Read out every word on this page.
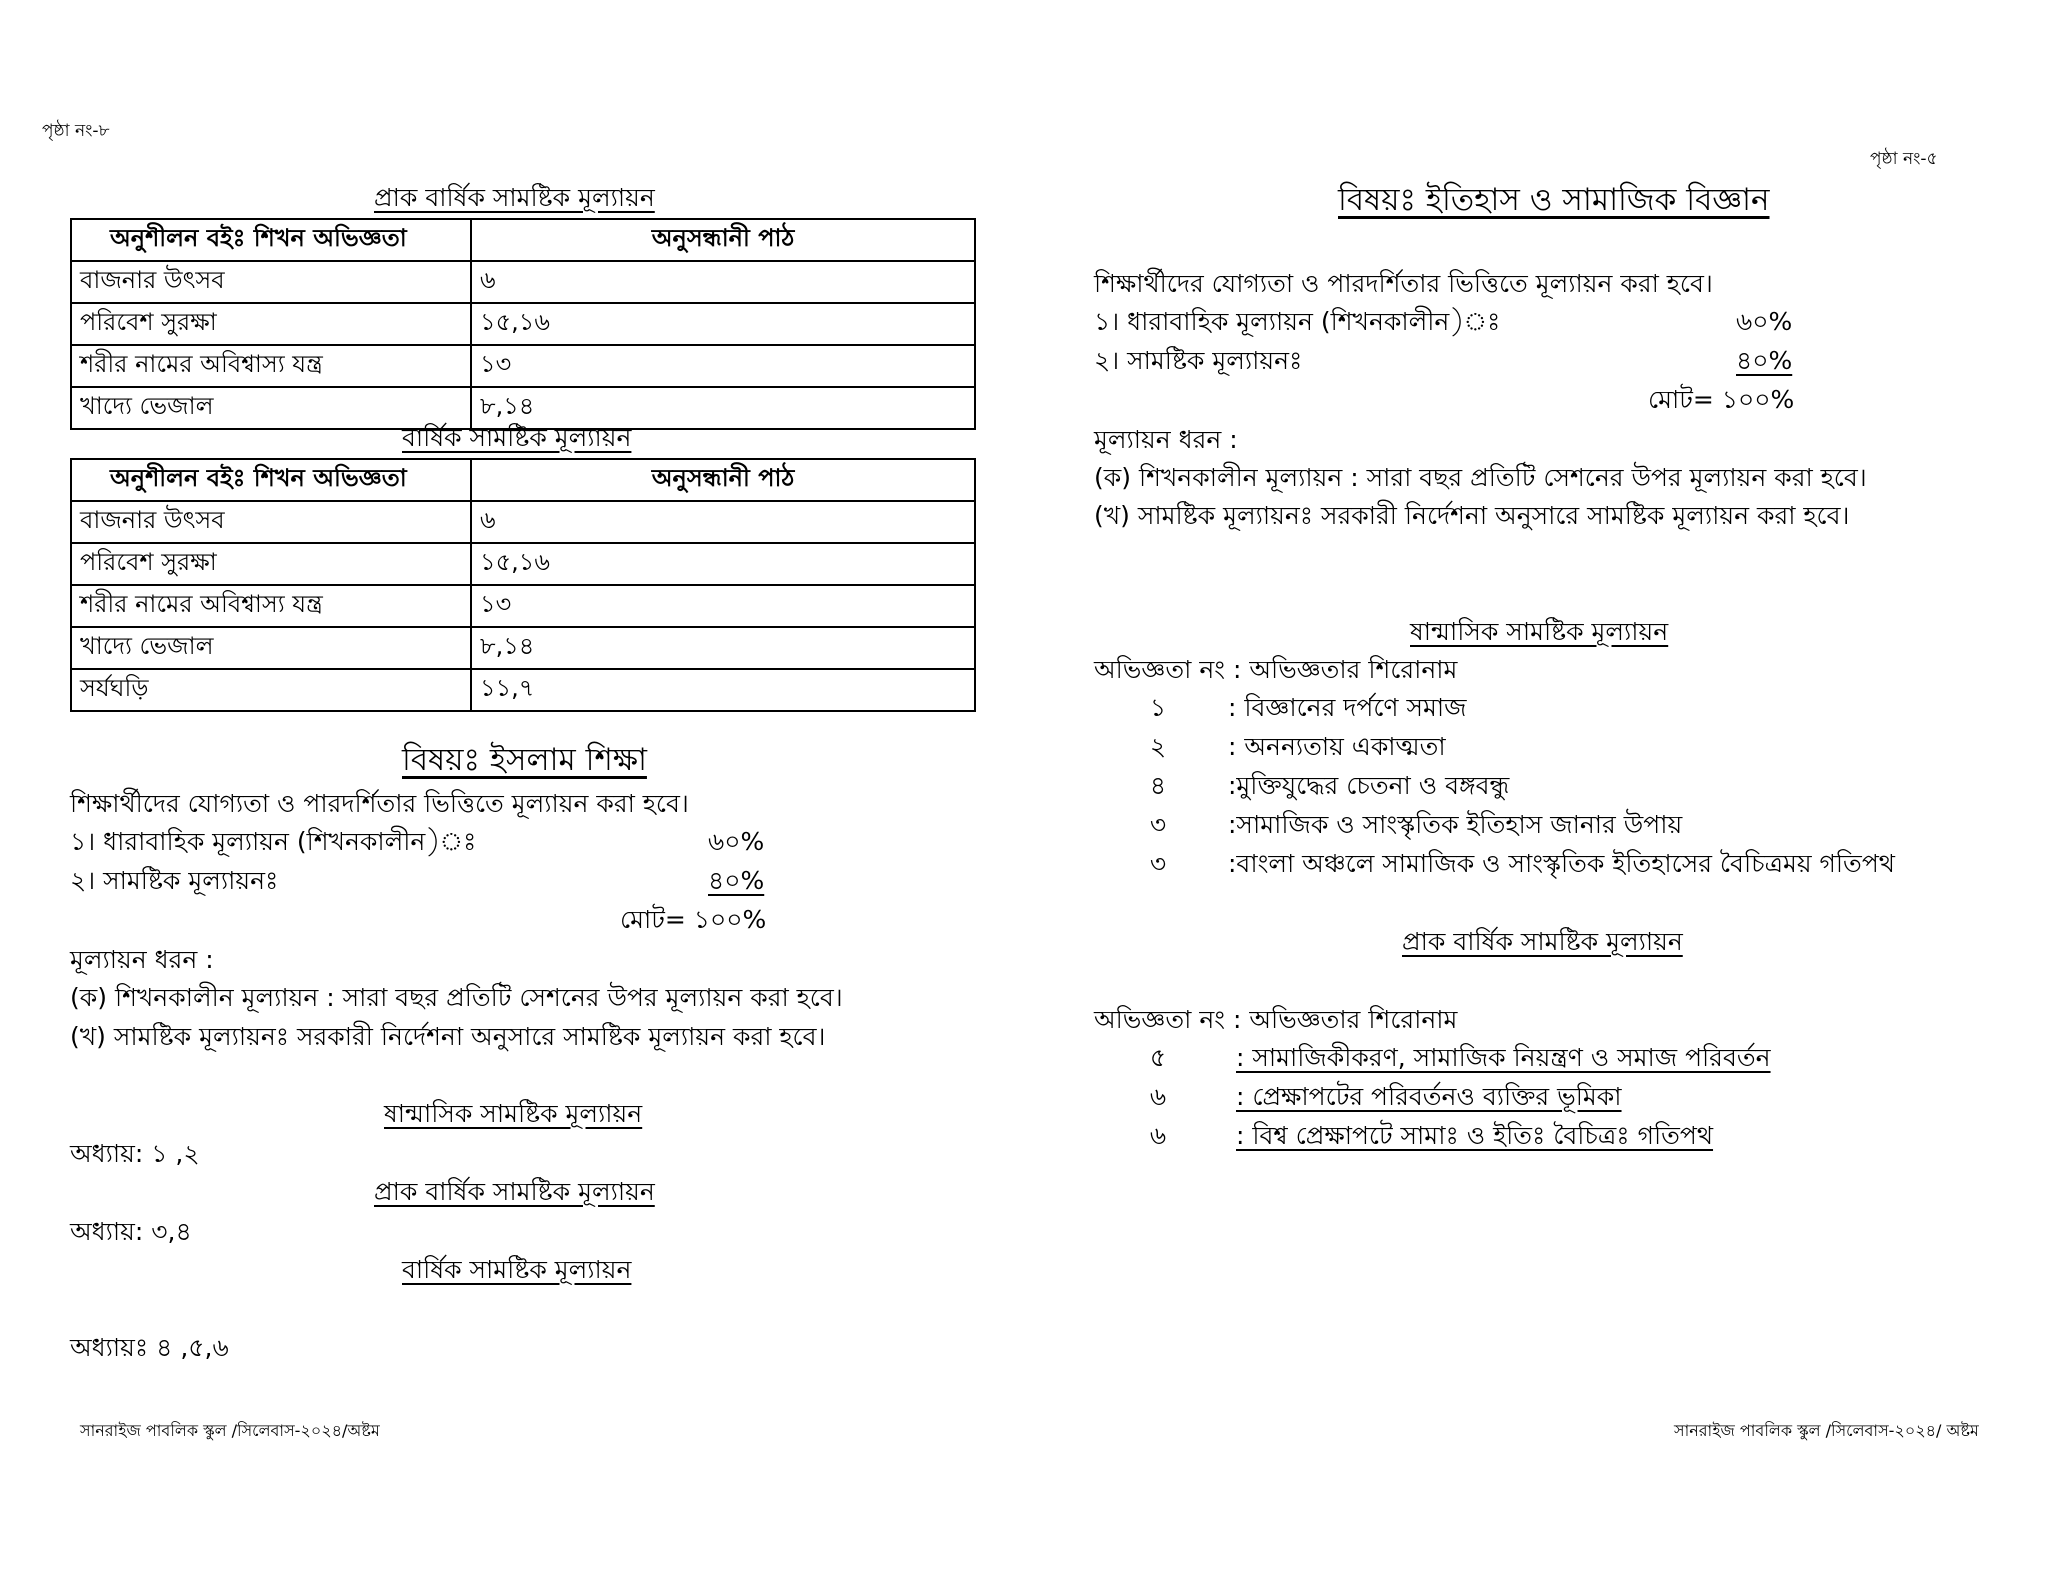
পৃষ্ঠা নং-৮
প্রাক বার্ষিক সামষ্টিক মূল্যায়ন
অনুশীলন বইঃ শিখন অভিজ্ঞতা	অনুসন্ধানী পাঠ
বাজনার উৎসব	৬
পরিবেশ সুরক্ষা	১৫,১৬
শরীর নামের অবিশ্বাস্য যন্ত্র	১৩
খাদ্যে ভেজাল	৮,১৪
বার্ষিক সামষ্টিক মূল্যায়ন
অনুশীলন বইঃ শিখন অভিজ্ঞতা	অনুসন্ধানী পাঠ
বাজনার উৎসব	৬
পরিবেশ সুরক্ষা	১৫,১৬
শরীর নামের অবিশ্বাস্য যন্ত্র	১৩
খাদ্যে ভেজাল	৮,১৪
সর্যঘড়ি	১১,৭
বিষয়ঃ ইসলাম শিক্ষা
শিক্ষার্থীদের যোগ্যতা ও পারদর্শিতার ভিত্তিতে মূল্যায়ন করা হবে।
১। ধারাবাহিক মূল্যায়ন (শিখনকালীন)ঃ	৬০%
২। সামষ্টিক মূল্যায়নঃ	৪০%
মোট= ১০০%
মূল্যায়ন ধরন :
(ক) শিখনকালীন মূল্যায়ন : সারা বছর প্রতিটি সেশনের উপর মূল্যায়ন করা হবে।
(খ) সামষ্টিক মূল্যায়নঃ সরকারী নির্দেশনা অনুসারে সামষ্টিক মূল্যায়ন করা হবে।
ষান্মাসিক সামষ্টিক মূল্যায়ন
অধ্যায়: ১ ,২
প্রাক বার্ষিক সামষ্টিক মূল্যায়ন
অধ্যায়: ৩,৪
বার্ষিক সামষ্টিক মূল্যায়ন
অধ্যায়ঃ ৪ ,৫,৬
সানরাইজ পাবলিক স্কুল /সিলেবাস-২০২৪/অষ্টম
পৃষ্ঠা নং-৫
বিষয়ঃ ইতিহাস ও সামাজিক বিজ্ঞান
শিক্ষার্থীদের যোগ্যতা ও পারদর্শিতার ভিত্তিতে মূল্যায়ন করা হবে।
১। ধারাবাহিক মূল্যায়ন (শিখনকালীন)ঃ	৬০%
২। সামষ্টিক মূল্যায়নঃ	৪০%
মোট= ১০০%
মূল্যায়ন ধরন :
(ক) শিখনকালীন মূল্যায়ন : সারা বছর প্রতিটি সেশনের উপর মূল্যায়ন করা হবে।
(খ) সামষ্টিক মূল্যায়নঃ সরকারী নির্দেশনা অনুসারে সামষ্টিক মূল্যায়ন করা হবে।
ষান্মাসিক সামষ্টিক মূল্যায়ন
অভিজ্ঞতা নং : অভিজ্ঞতার শিরোনাম
১	: বিজ্ঞানের দর্পণে সমাজ
২	: অনন্যতায় একাত্মতা
৪	:মুক্তিযুদ্ধের চেতনা ও বঙ্গবন্ধু
৩	:সামাজিক ও সাংস্কৃতিক ইতিহাস জানার উপায়
৩	:বাংলা অঞ্চলে সামাজিক ও সাংস্কৃতিক ইতিহাসের বৈচিত্রময় গতিপথ
প্রাক বার্ষিক সামষ্টিক মূল্যায়ন
অভিজ্ঞতা নং : অভিজ্ঞতার শিরোনাম
৫	: সামাজিকীকরণ, সামাজিক নিয়ন্ত্রণ ও সমাজ পরিবর্তন
৬	: প্রেক্ষাপটের পরিবর্তনও ব্যক্তির ভূমিকা
৬	: বিশ্ব প্রেক্ষাপটে সামাঃ ও ইতিঃ বৈচিত্রঃ গতিপথ
সানরাইজ পাবলিক স্কুল /সিলেবাস-২০২৪/ অষ্টম
